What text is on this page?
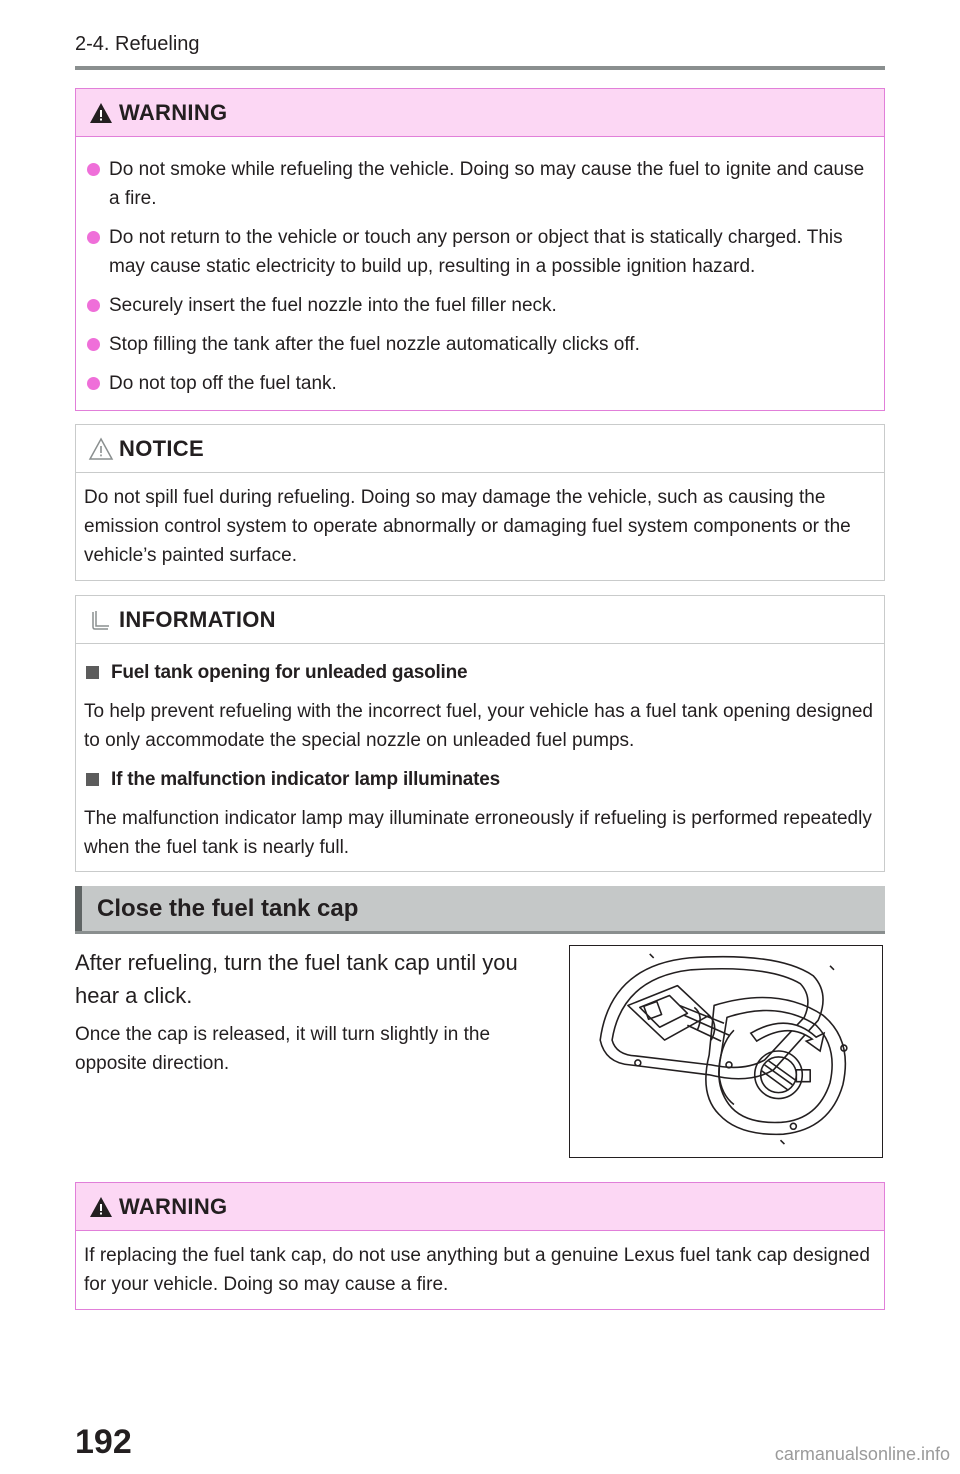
2-4. Refueling
WARNING
Do not smoke while refueling the vehicle. Doing so may cause the fuel to ignite and cause a fire.
Do not return to the vehicle or touch any person or object that is statically charged. This may cause static electricity to build up, resulting in a possible ignition hazard.
Securely insert the fuel nozzle into the fuel filler neck.
Stop filling the tank after the fuel nozzle automatically clicks off.
Do not top off the fuel tank.
NOTICE

Do not spill fuel during refueling. Doing so may damage the vehicle, such as causing the emission control system to operate abnormally or damaging fuel system components or the vehicle’s painted surface.

INFORMATION
Fuel tank opening for unleaded gasoline

To help prevent refueling with the incorrect fuel, your vehicle has a fuel tank opening designed to only accommodate the special nozzle on unleaded fuel pumps.

If the malfunction indicator lamp illuminates

The malfunction indicator lamp may illuminate erroneously if refueling is performed repeatedly when the fuel tank is nearly full.

Close the fuel tank cap
After refueling, turn the fuel tank cap until you hear a click.
Once the cap is released, it will turn slightly in the opposite direction.
WARNING

If replacing the fuel tank cap, do not use anything but a genuine Lexus fuel tank cap designed for your vehicle. Doing so may cause a fire.

192	carmanualsonline.info
